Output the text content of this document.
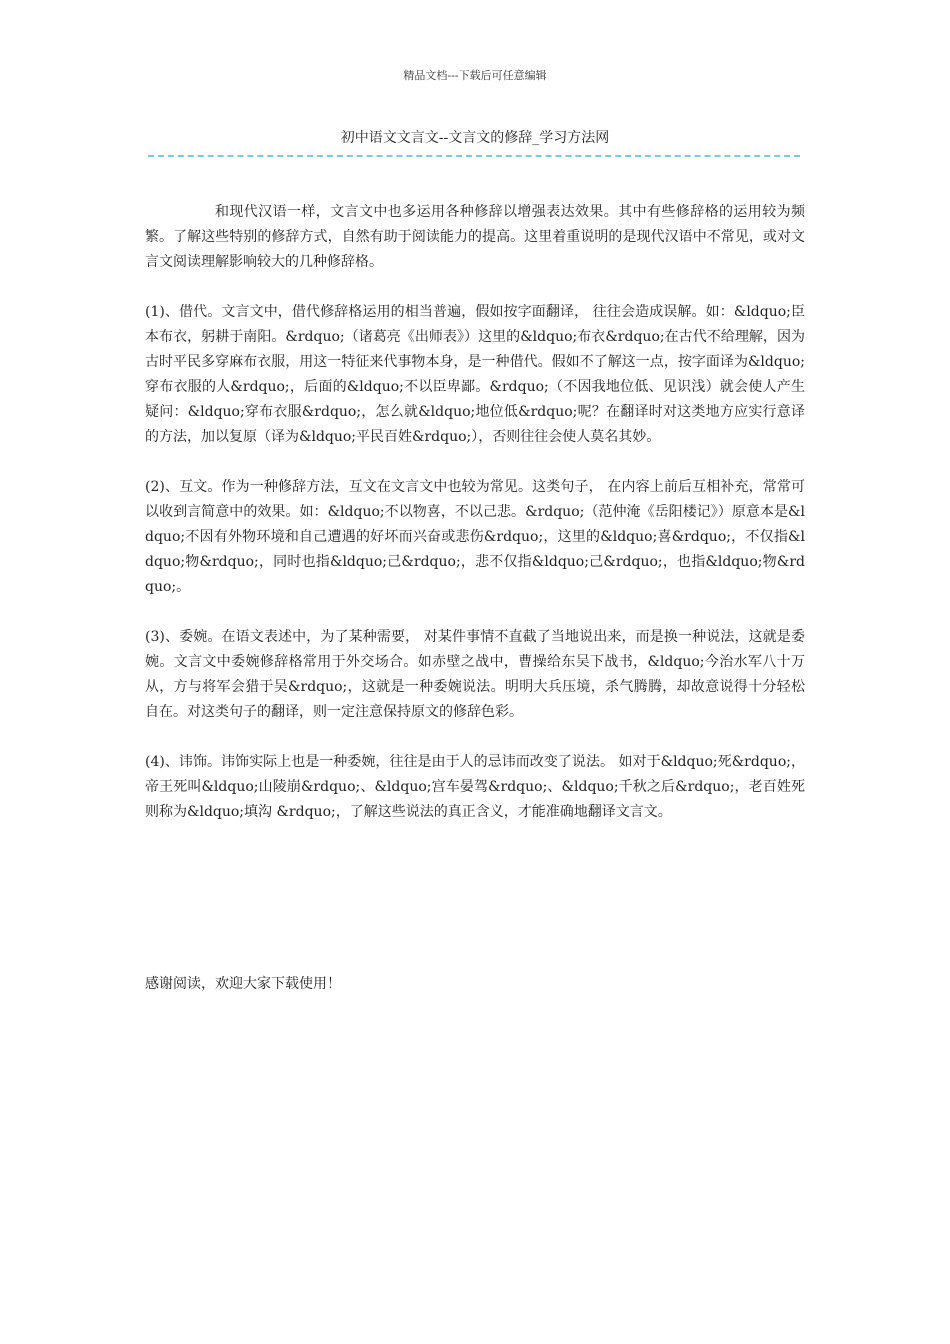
精品文档---下载后可任意编辑
初中语文文言文--文言文的修辞_学习方法网

和现代汉语一样，文言文中也多运用各种修辞以增强表达效果。其中有些修辞格的运用较为频繁。了解这些特别的修辞方式，自然有助于阅读能力的提高。这里着重说明的是现代汉语中不常见，或对文言文阅读理解影响较大的几种修辞格。

(1)、借代。文言文中，借代修辞格运用的相当普遍，假如按字面翻译， 往往会造成误解。如：&ldquo;臣本布衣，躬耕于南阳。&rdquo;（诸葛亮《出师表》）这里的&ldquo;布衣&rdquo;在古代不给理解，因为古时平民多穿麻布衣服，用这一特征来代事物本身，是一种借代。假如不了解这一点，按字面译为&ldquo;穿布衣服的人&rdquo;，后面的&ldquo;不以臣卑鄙。&rdquo;（不因我地位低、见识浅）就会使人产生疑问：&ldquo;穿布衣服&rdquo;，怎么就&ldquo;地位低&rdquo;呢？在翻译时对这类地方应实行意译的方法，加以复原（译为&ldquo;平民百姓&rdquo;），否则往往会使人莫名其妙。

(2)、互文。作为一种修辞方法，互文在文言文中也较为常见。这类句子， 在内容上前后互相补充，常常可以收到言简意中的效果。如：&ldquo;不以物喜，不以己悲。&rdquo;（范仲淹《岳阳楼记》）原意本是&ldquo;不因有外物环境和自己遭遇的好坏而兴奋或悲伤&rdquo;，这里的&ldquo;喜&rdquo;，不仅指&ldquo;物&rdquo;，同时也指&ldquo;己&rdquo;，悲不仅指&ldquo;己&rdquo;，也指&ldquo;物&rdquo;。

(3)、委婉。在语文表述中，为了某种需要， 对某件事情不直截了当地说出来，而是换一种说法，这就是委婉。文言文中委婉修辞格常用于外交场合。如赤壁之战中，曹操给东吴下战书，&ldquo;今治水军八十万从，方与将军会猎于吴&rdquo;，这就是一种委婉说法。明明大兵压境，杀气腾腾，却故意说得十分轻松自在。对这类句子的翻译，则一定注意保持原文的修辞色彩。

(4)、讳饰。讳饰实际上也是一种委婉，往往是由于人的忌讳而改变了说法。 如对于&ldquo;死&rdquo;，帝王死叫&ldquo;山陵崩&rdquo;、&ldquo;宫车晏驾&rdquo;、&ldquo;千秋之后&rdquo;，老百姓死则称为&ldquo;填沟 &rdquo;，了解这些说法的真正含义，才能准确地翻译文言文。

感谢阅读，欢迎大家下载使用！
